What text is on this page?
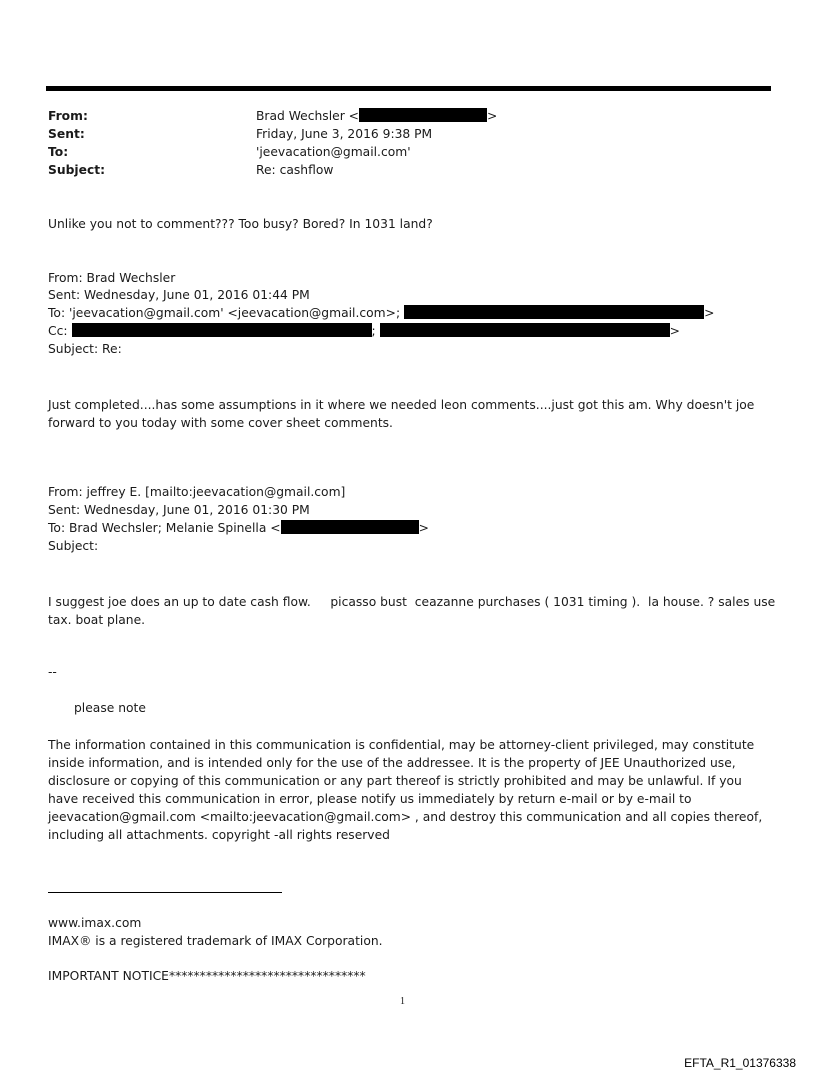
From:	Brad Wechsler <	>
Sent:	Friday, June 3, 2016 9:38 PM
To:	'jeevacation@gmail.com'
Subject:	Re: cashflow
Unlike you not to comment??? Too busy? Bored? In 1031 land?
From: Brad Wechsler
Sent: Wednesday, June 01, 2016 01:44 PM
To: 'jeevacation@gmail.com' <jeevacation@gmail.com>;	>
Cc:	;	>
Subject: Re:
Just completed....has some assumptions in it where we needed leon comments....just got this am. Why doesn't joe forward to you today with some cover sheet comments.
From: jeffrey E. [mailto:jeevacation@gmail.com]
Sent: Wednesday, June 01, 2016 01:30 PM
To: Brad Wechsler; Melanie Spinella <	>
Subject:
I suggest joe does an up to date cash flow.     picasso bust  ceazanne purchases ( 1031 timing ).  la house. ? sales use tax. boat plane.
--
please note
The information contained in this communication is confidential, may be attorney-client privileged, may constitute inside information, and is intended only for the use of the addressee. It is the property of JEE Unauthorized use, disclosure or copying of this communication or any part thereof is strictly prohibited and may be unlawful. If you have received this communication in error, please notify us immediately by return e-mail or by e-mail to jeevacation@gmail.com <mailto:jeevacation@gmail.com> , and destroy this communication and all copies thereof, including all attachments. copyright -all rights reserved
www.imax.com
IMAX® is a registered trademark of IMAX Corporation.
IMPORTANT NOTICE********************************
1
EFTA_R1_01376338
